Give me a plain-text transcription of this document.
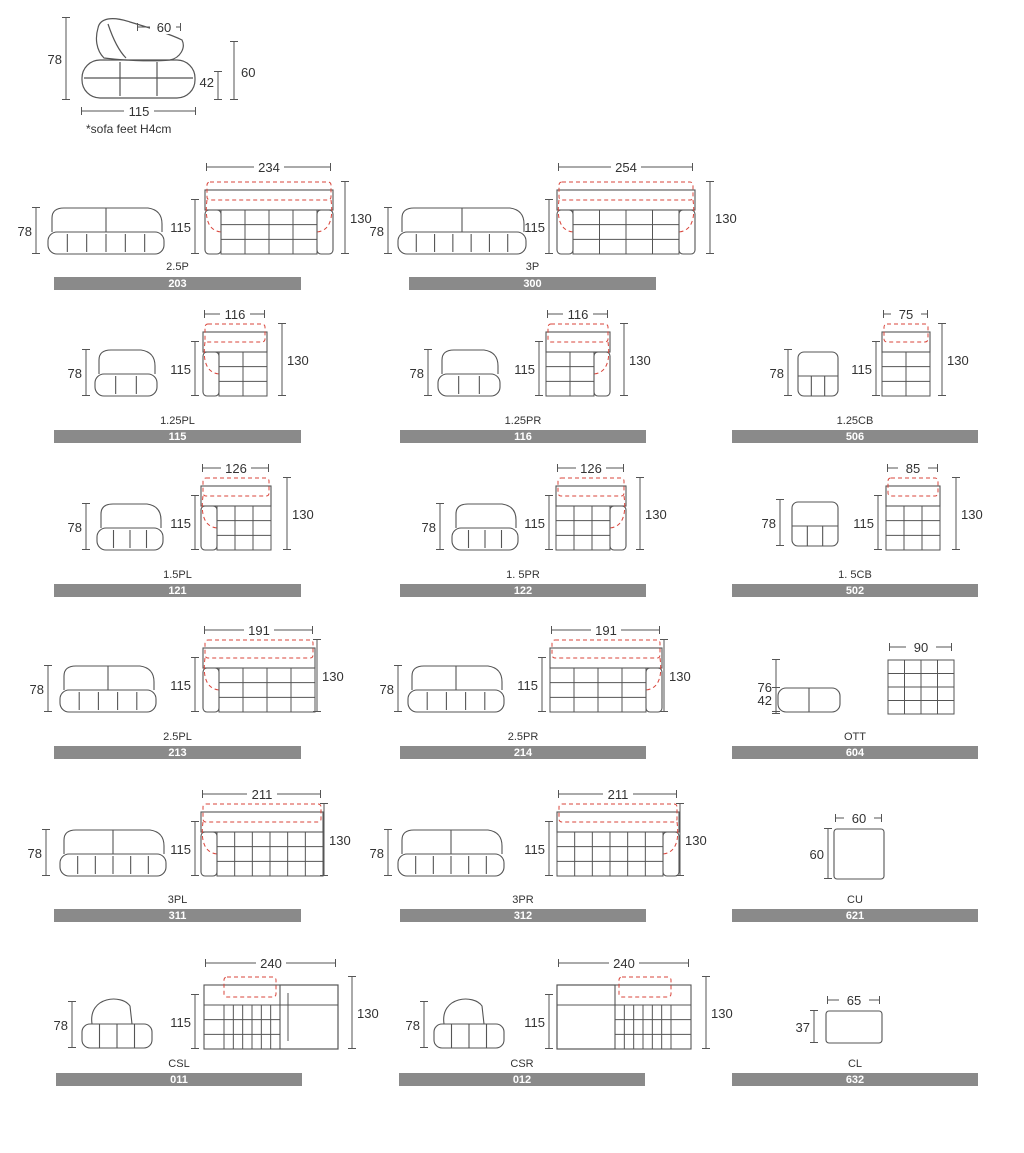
60
78
42
60
115
*sofa feet H4cm
78
234
115
130
2.5P
203
78
254
115
130
3P
300
78
116
115
130
1.25PL
115
78
116
115
130
1.25PR
116
78
75
115
130
1.25CB
506
78
126
115
130
1.5PL
121
78
126
115
130
1. 5PR
122
78
85
115
130
1. 5CB
502
78
191
115
130
2.5PL
213
78
191
115
130
2.5PR
214
42
90
76
OTT
604
78
211
115
130
3PL
311
78
211
115
130
3PR
312
60
60
CU
621
78
240
115
130
CSL
011
78
240
115
130
CSR
012
65
37
CL
632
